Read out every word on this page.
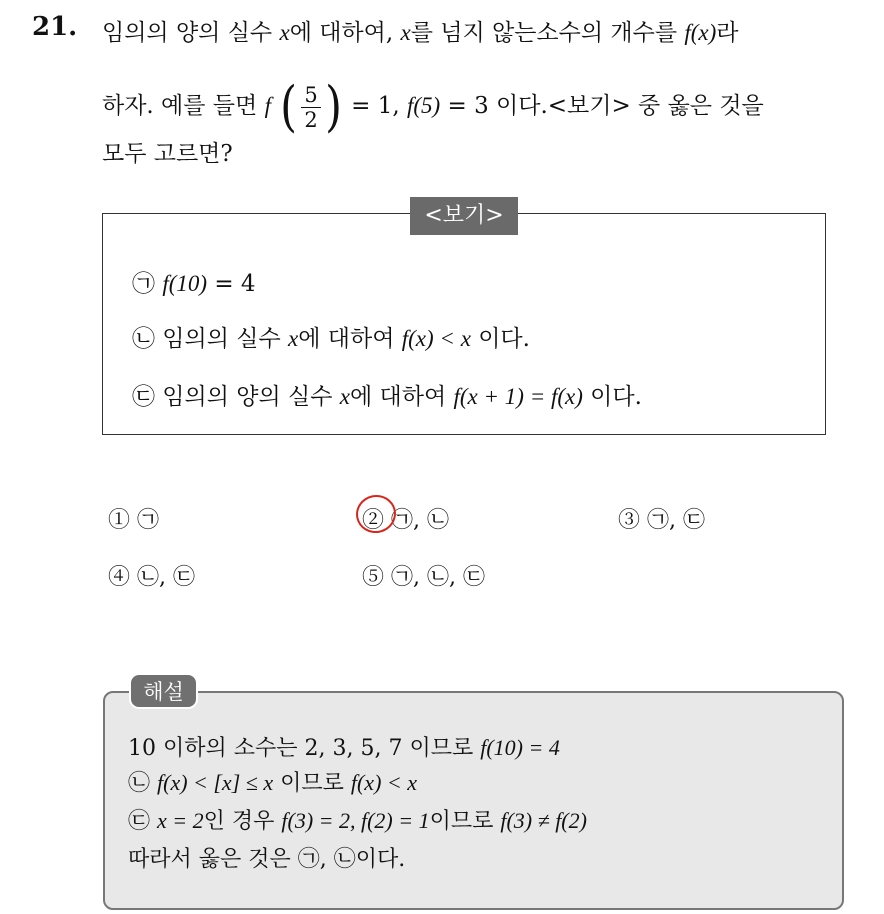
21. 임의의 양의 실수 x에 대하여, x를 넘지 않는소수의 개수를 f(x)라
하자. 예를 들면 f ( $\frac{5}{2}$ ) = 1, f(5) = 3 이다.<보기> 중 옳은 것을
모두 고르면?
<보기>
㉠ f(10) = 4
㉡ 임의의 실수 x에 대하여 f(x) < x 이다.
㉢ 임의의 양의 실수 x에 대하여 f(x + 1) = f(x) 이다.
① ㉠	② ㉠, ㉡	③ ㉠, ㉢
④ ㉡, ㉢	⑤ ㉠, ㉡, ㉢
해설
10 이하의 소수는 2, 3, 5, 7 이므로 f(10) = 4
㉡ f(x) < [x] ≤ x 이므로 f(x) < x
㉢ x = 2인 경우 f(3) = 2, f(2) = 1이므로 f(3) ≠ f(2)
따라서 옳은 것은 ㉠, ㉡이다.
